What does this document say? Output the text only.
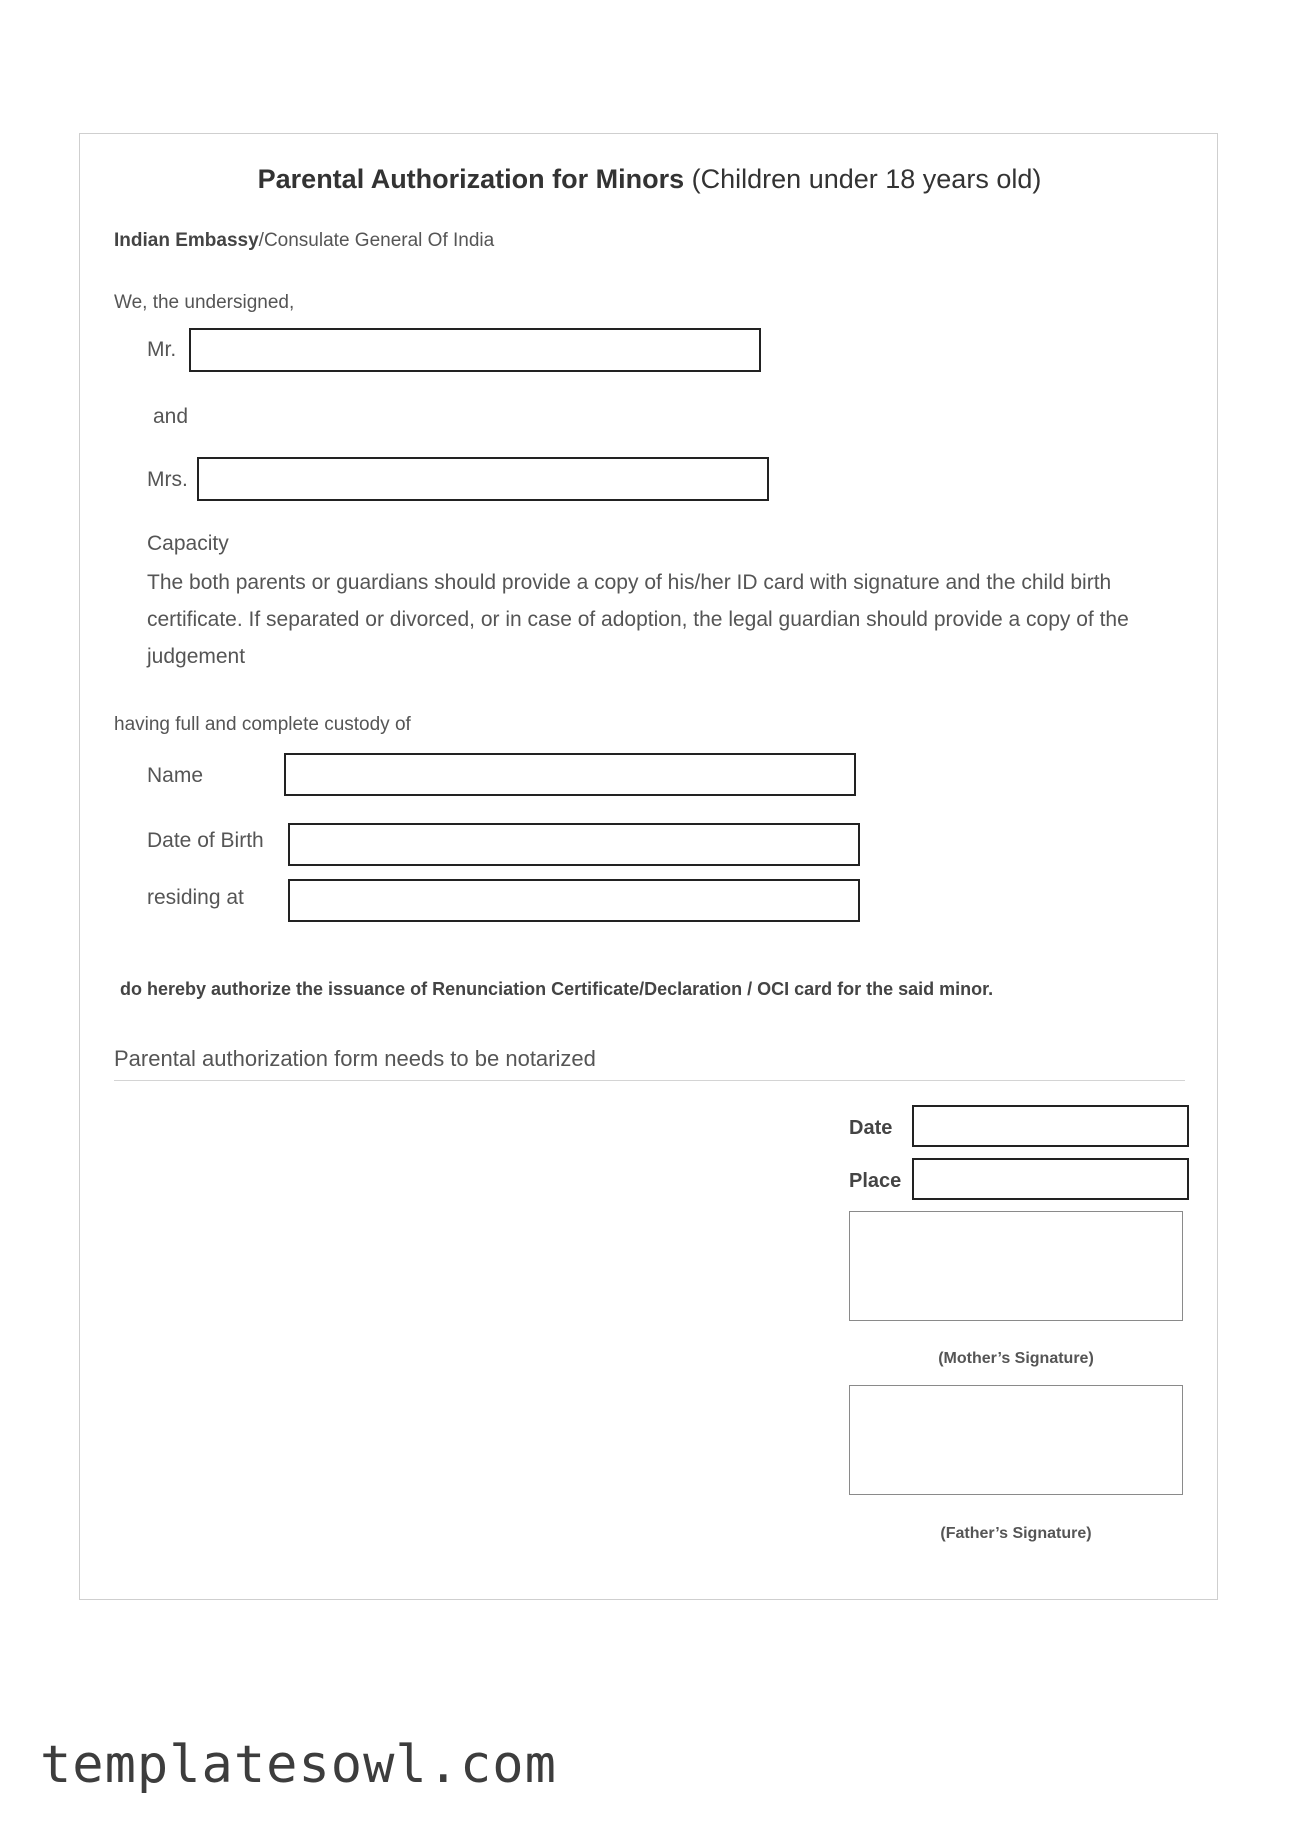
Parental Authorization for Minors (Children under 18 years old)
Indian Embassy/Consulate General Of India
We, the undersigned,
Mr.
and
Mrs.
Capacity
The both parents or guardians should provide a copy of his/her ID card with signature and the child birth certificate. If separated or divorced, or in case of adoption, the legal guardian should provide a copy of the judgement
having full and complete custody of
Name
Date of Birth
residing at
do hereby authorize the issuance of Renunciation Certificate/Declaration / OCI card for the said minor.
Parental authorization form needs to be notarized
Date
Place
(Mother’s Signature)
(Father’s Signature)
templatesowl.com
